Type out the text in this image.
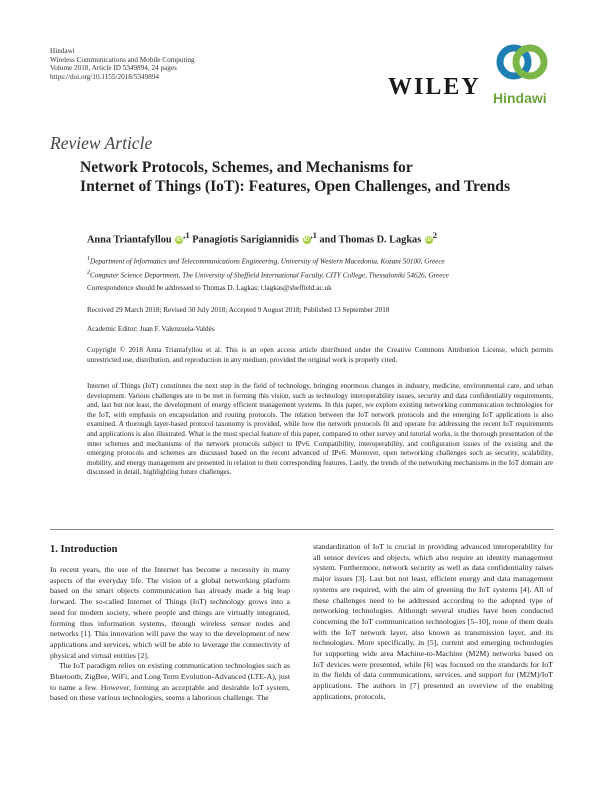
Hindawi
Wireless Communications and Mobile Computing
Volume 2018, Article ID 5349894, 24 pages
https://doi.org/10.1155/2018/5349894	WILEY Hindawi
Review Article
Network Protocols, Schemes, and Mechanisms for
Internet of Things (IoT): Features, Open Challenges, and Trends
Anna Triantafyllou $iD^{,1}$ Panagiotis Sarigiannidis $iD^{,1}$ and Thomas D. Lagkas $iD^2$
$^1$Department of Informatics and Telecommunications Engineering, University of Western Macedonia, Kozani 50100, Greece
$^2$Computer Science Department, The University of Sheffield International Faculty, CITY College, Thessaloniki 54626, Greece
Correspondence should be addressed to Thomas D. Lagkas; t.lagkas@sheffield.ac.uk
Received 29 March 2018; Revised 30 July 2018; Accepted 9 August 2018; Published 13 September 2018
Academic Editor: Juan F. Valenzuela-Valdés
Copyright © 2018 Anna Triantafyllou et al. This is an open access article distributed under the Creative Commons Attribution License, which permits unrestricted use, distribution, and reproduction in any medium, provided the original work is properly cited.
Internet of Things (IoT) constitutes the next step in the field of technology, bringing enormous changes in industry, medicine, environmental care, and urban development. Various challenges are to be met in forming this vision, such as technology interoperability issues, security and data confidentiality requirements, and, last but not least, the development of energy efficient management systems. In this paper, we explore existing networking communication technologies for the IoT, with emphasis on encapsulation and routing protocols. The relation between the IoT network protocols and the emerging IoT applications is also examined. A thorough layer-based protocol taxonomy is provided, while how the network protocols fit and operate for addressing the recent IoT requirements and applications is also illustrated. What is the most special feature of this paper, compared to other survey and tutorial works, is the thorough presentation of the inner schemes and mechanisms of the network protocols subject to IPv6. Compatibility, interoperability, and configuration issues of the existing and the emerging protocols and schemes are discussed based on the recent advanced of IPv6. Moreover, open networking challenges such as security, scalability, mobility, and energy management are presented in relation to their corresponding features. Lastly, the trends of the networking mechanisms in the IoT domain are discussed in detail, highlighting future challenges.
1. Introduction

In recent years, the use of the Internet has become a necessity in many aspects of the everyday life. The vision of a global networking platform based on the smart objects communication has already made a big leap forward. The so-called Internet of Things (IoT) technology grows into a need for modern society, where people and things are virtually integrated, forming thus information systems, through wireless sensor nodes and networks [1]. This innovation will pave the way to the development of new applications and services, which will be able to leverage the connectivity of physical and virtual entities [2].

The IoT paradigm relies on existing communication technologies such as Bluetooth, ZigBee, WiFi, and Long Term Evolution-Advanced (LTE-A), just to name a few. However, forming an acceptable and desirable IoT system, based on these various technologies, seems a laborious challenge. The

standardization of IoT is crucial in providing advanced interoperability for all sensor devices and objects, which also require an identity management system. Furthermore, network security as well as data confidentiality raises major issues [3]. Last but not least, efficient energy and data management systems are required, with the aim of greening the IoT systems [4]. All of these challenges need to be addressed according to the adopted type of networking technologies. Although several studies have been conducted concerning the IoT communication technologies [5–10], none of them deals with the IoT network layer, also known as transmission layer, and its technologies. More specifically, in [5], current and emerging technologies for supporting wide area Machine-to-Machine (M2M) networks based on IoT devices were presented, while [6] was focused on the standards for IoT in the fields of data communications, services, and support for (M2M)/IoT applications. The authors in [7] presented an overview of the enabling applications, protocols,
